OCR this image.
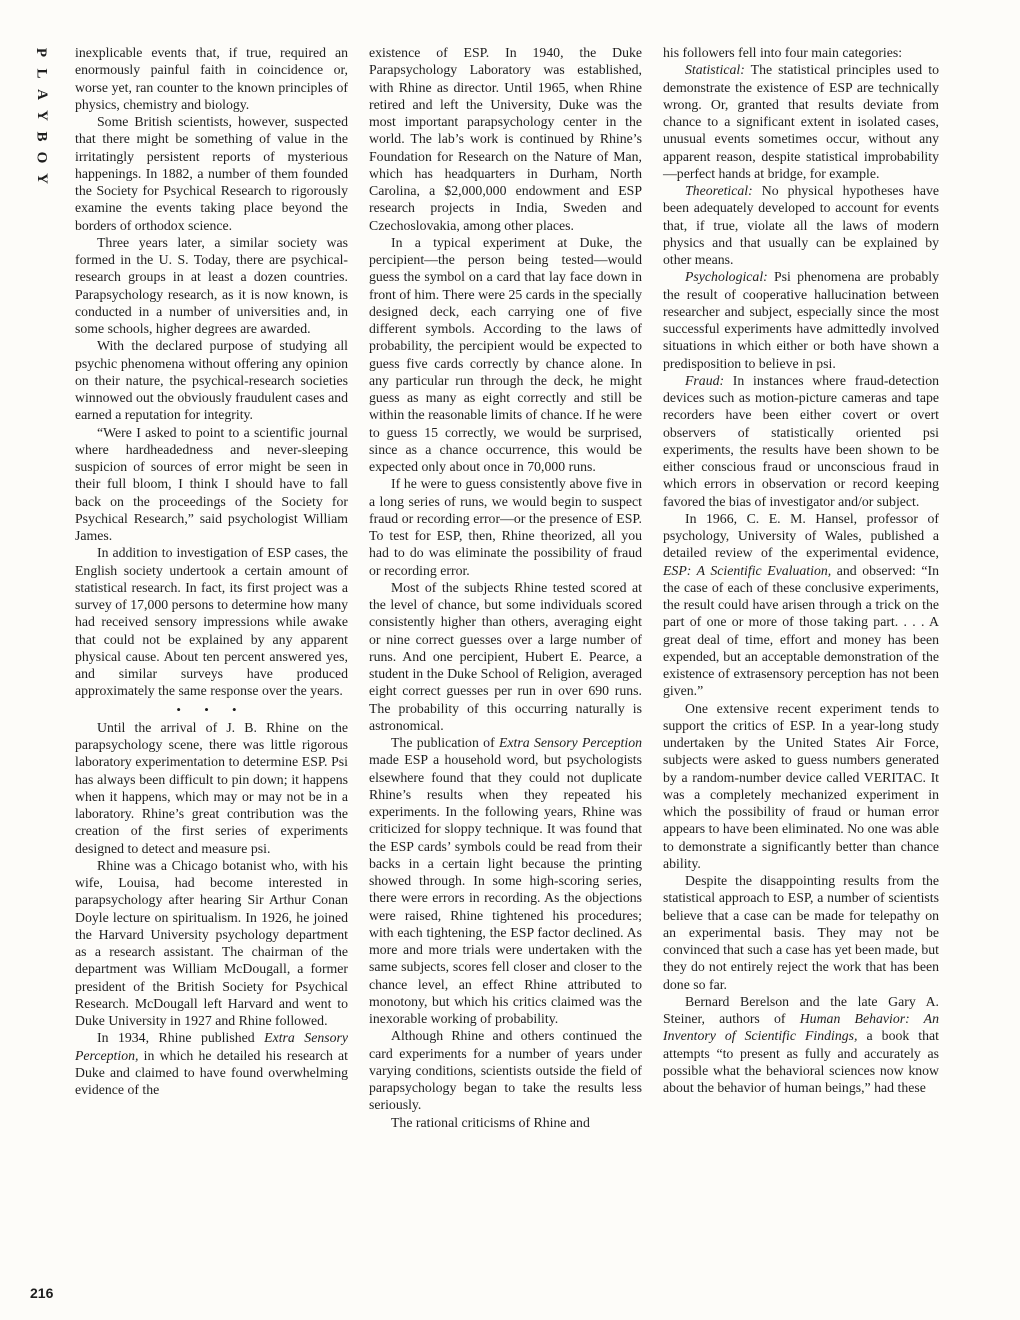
P
L
A
Y
B
O
Y
216

inexplicable events that, if true, required an enormously painful faith in coincidence or, worse yet, ran counter to the known principles of physics, chemistry and biology.

Some British scientists, however, suspected that there might be something of value in the irritatingly persistent reports of mysterious happenings. In 1882, a number of them founded the Society for Psychical Research to rigorously examine the events taking place beyond the borders of orthodox science.

Three years later, a similar society was formed in the U. S. Today, there are psychical-research groups in at least a dozen countries. Parapsychology research, as it is now known, is conducted in a number of universities and, in some schools, higher degrees are awarded.

With the declared purpose of studying all psychic phenomena without offering any opinion on their nature, the psychical-research societies winnowed out the obviously fraudulent cases and earned a reputation for integrity.

“Were I asked to point to a scientific journal where hardheadedness and never-sleeping suspicion of sources of error might be seen in their full bloom, I think I should have to fall back on the proceedings of the Society for Psychical Research,” said psychologist William James.

In addition to investigation of ESP cases, the English society undertook a certain amount of statistical research. In fact, its first project was a survey of 17,000 persons to determine how many had received sensory impressions while awake that could not be explained by any apparent physical cause. About ten percent answered yes, and similar surveys have produced approximately the same response over the years.

• • •

Until the arrival of J. B. Rhine on the parapsychology scene, there was little rigorous laboratory experimentation to determine ESP. Psi has always been difficult to pin down; it happens when it happens, which may or may not be in a laboratory. Rhine’s great contribution was the creation of the first series of experiments designed to detect and measure psi.

Rhine was a Chicago botanist who, with his wife, Louisa, had become interested in parapsychology after hearing Sir Arthur Conan Doyle lecture on spiritualism. In 1926, he joined the Harvard University psychology department as a research assistant. The chairman of the department was William McDougall, a former president of the British Society for Psychical Research. McDougall left Harvard and went to Duke University in 1927 and Rhine followed.

In 1934, Rhine published Extra Sensory Perception, in which he detailed his research at Duke and claimed to have found overwhelming evidence of the

existence of ESP. In 1940, the Duke Parapsychology Laboratory was established, with Rhine as director. Until 1965, when Rhine retired and left the University, Duke was the most important parapsychology center in the world. The lab’s work is continued by Rhine’s Foundation for Research on the Nature of Man, which has headquarters in Durham, North Carolina, a $2,000,000 endowment and ESP research projects in India, Sweden and Czechoslovakia, among other places.

In a typical experiment at Duke, the percipient—the person being tested—would guess the symbol on a card that lay face down in front of him. There were 25 cards in the specially designed deck, each carrying one of five different symbols. According to the laws of probability, the percipient would be expected to guess five cards correctly by chance alone. In any particular run through the deck, he might guess as many as eight correctly and still be within the reasonable limits of chance. If he were to guess 15 correctly, we would be surprised, since as a chance occurrence, this would be expected only about once in 70,000 runs.

If he were to guess consistently above five in a long series of runs, we would begin to suspect fraud or recording error—or the presence of ESP. To test for ESP, then, Rhine theorized, all you had to do was eliminate the possibility of fraud or recording error.

Most of the subjects Rhine tested scored at the level of chance, but some individuals scored consistently higher than others, averaging eight or nine correct guesses over a large number of runs. And one percipient, Hubert E. Pearce, a student in the Duke School of Religion, averaged eight correct guesses per run in over 690 runs. The probability of this occurring naturally is astronomical.

The publication of Extra Sensory Perception made ESP a household word, but psychologists elsewhere found that they could not duplicate Rhine’s results when they repeated his experiments. In the following years, Rhine was criticized for sloppy technique. It was found that the ESP cards’ symbols could be read from their backs in a certain light because the printing showed through. In some high-scoring series, there were errors in recording. As the objections were raised, Rhine tightened his procedures; with each tightening, the ESP factor declined. As more and more trials were undertaken with the same subjects, scores fell closer and closer to the chance level, an effect Rhine attributed to monotony, but which his critics claimed was the inexorable working of probability.

Although Rhine and others continued the card experiments for a number of years under varying conditions, scientists outside the field of parapsychology began to take the results less seriously.

The rational criticisms of Rhine and

his followers fell into four main categories:

Statistical: The statistical principles used to demonstrate the existence of ESP are technically wrong. Or, granted that results deviate from chance to a significant extent in isolated cases, unusual events sometimes occur, without any apparent reason, despite statistical improbability—perfect hands at bridge, for example.

Theoretical: No physical hypotheses have been adequately developed to account for events that, if true, violate all the laws of modern physics and that usually can be explained by other means.

Psychological: Psi phenomena are probably the result of cooperative hallucination between researcher and subject, especially since the most successful experiments have admittedly involved situations in which either or both have shown a predisposition to believe in psi.

Fraud: In instances where fraud-detection devices such as motion-picture cameras and tape recorders have been either covert or overt observers of statistically oriented psi experiments, the results have been shown to be either conscious fraud or unconscious fraud in which errors in observation or record keeping favored the bias of investigator and/or subject.

In 1966, C. E. M. Hansel, professor of psychology, University of Wales, published a detailed review of the experimental evidence, ESP: A Scientific Evaluation, and observed: “In the case of each of these conclusive experiments, the result could have arisen through a trick on the part of one or more of those taking part. . . . A great deal of time, effort and money has been expended, but an acceptable demonstration of the existence of extrasensory perception has not been given.”

One extensive recent experiment tends to support the critics of ESP. In a year-long study undertaken by the United States Air Force, subjects were asked to guess numbers generated by a random-number device called VERITAC. It was a completely mechanized experiment in which the possibility of fraud or human error appears to have been eliminated. No one was able to demonstrate a significantly better than chance ability.

Despite the disappointing results from the statistical approach to ESP, a number of scientists believe that a case can be made for telepathy on an experimental basis. They may not be convinced that such a case has yet been made, but they do not entirely reject the work that has been done so far.

Bernard Berelson and the late Gary A. Steiner, authors of Human Behavior: An Inventory of Scientific Findings, a book that attempts “to present as fully and accurately as possible what the behavioral sciences now know about the behavior of human beings,” had these
